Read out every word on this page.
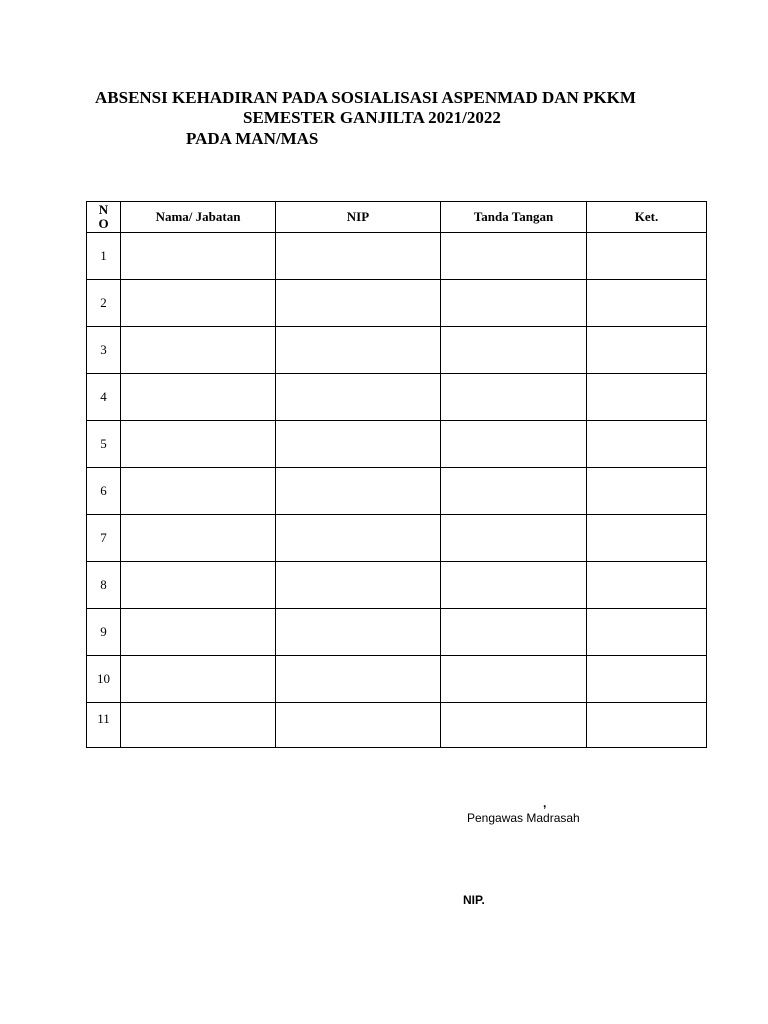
ABSENSI KEHADIRAN PADA SOSIALISASI ASPENMAD DAN PKKM
SEMESTER GANJILTA 2021/2022
PADA MAN/MAS
N
O	Nama/ Jabatan	NIP	Tanda Tangan	Ket.
1				
2				
3				
4				
5				
6				
7				
8				
9				
10				
11				
,
Pengawas Madrasah
NIP.
